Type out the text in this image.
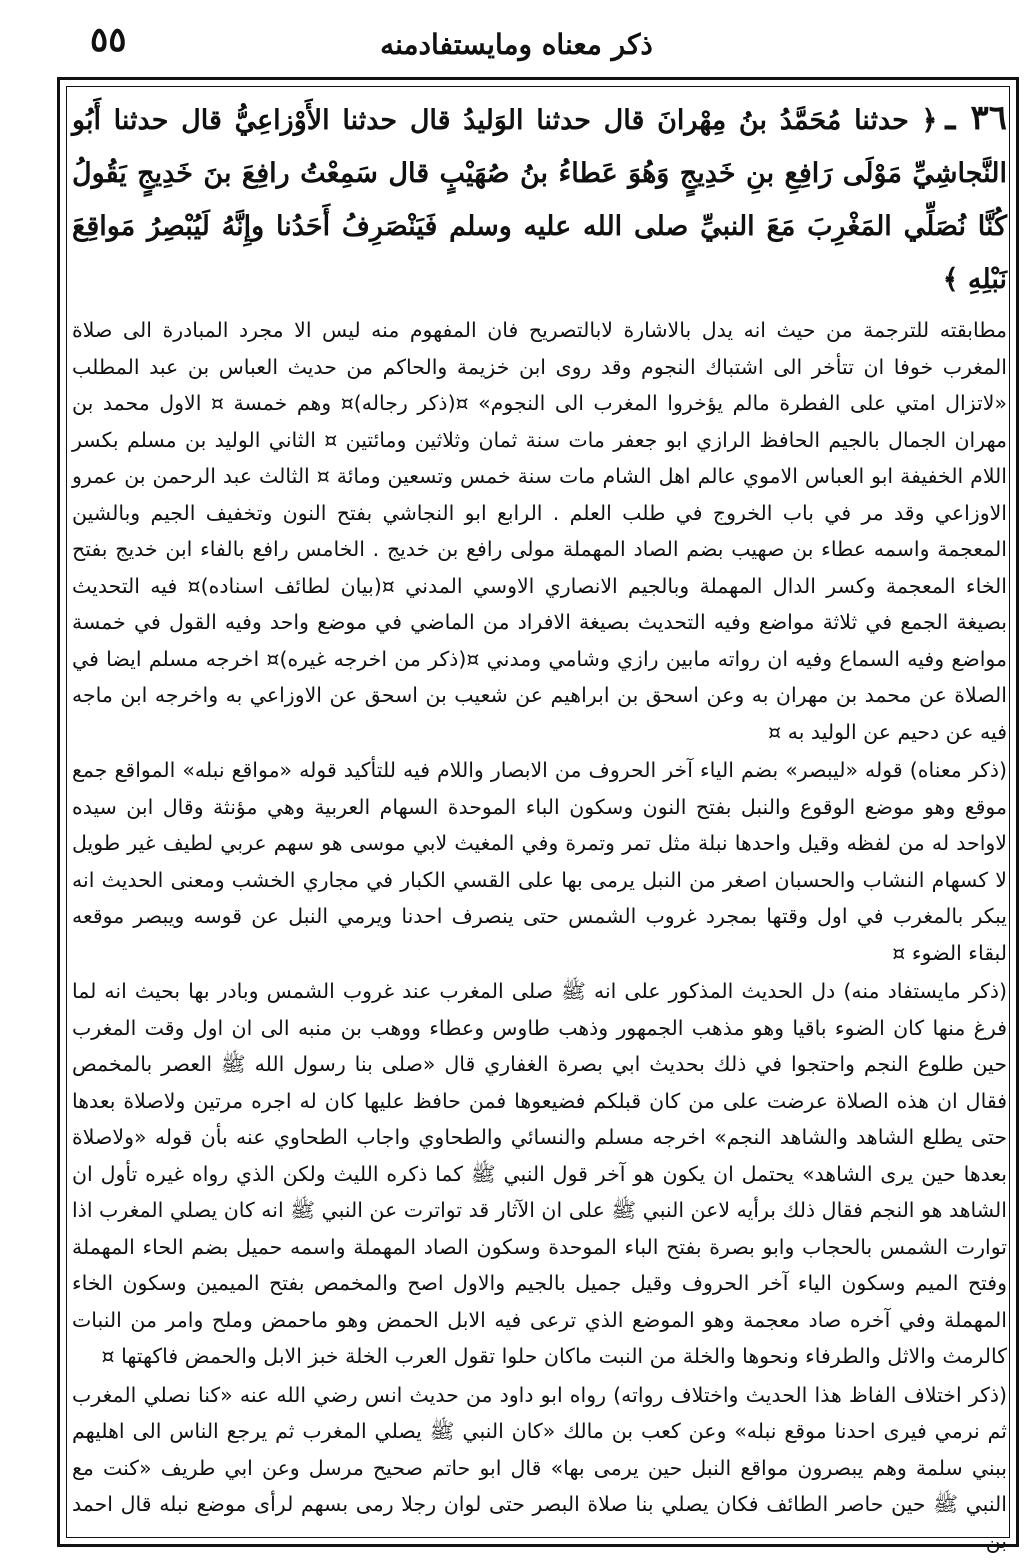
ذكر معناه ومايستفادمنه
٥٥
٣٦ ـ﴿ حدثنا مُحَمَّدُ بنُ مِهْرانَ قال حدثنا الوَليدُ قال حدثنا الأَوْزاعِيُّ قال حدثنا أَبُو النَّجاشِيِّ مَوْلَى رَافِعِ بنِ خَدِيجٍ وَهُوَ عَطاءُ بنُ صُهَيْبٍ قال سَمِعْتُ رافِعَ بنَ خَدِيجٍ يَقُولُ كُنَّا نُصَلِّي المَغْرِبَ مَعَ النبيِّ صلى الله عليه وسلم فَيَنْصَرِفُ أَحَدُنا وإِنَّهُ لَيُبْصِرُ مَواقِعَ نَبْلِهِ ﴾

مطابقته للترجمة من حيث انه يدل بالاشارة لابالتصريح فان المفهوم منه ليس الا مجرد المبادرة الى صلاة المغرب خوفا ان تتأخر الى اشتباك النجوم وقد روى ابن خزيمة والحاكم من حديث العباس بن عبد المطلب «لاتزال امتي على الفطرة مالم يؤخروا المغرب الى النجوم» ¤(ذكر رجاله)¤ وهم خمسة ¤ الاول محمد بن مهران الجمال بالجيم الحافظ الرازي ابو جعفر مات سنة ثمان وثلاثين ومائتين ¤ الثاني الوليد بن مسلم بكسر اللام الخفيفة ابو العباس الاموي عالم اهل الشام مات سنة خمس وتسعين ومائة ¤ الثالث عبد الرحمن بن عمرو الاوزاعي وقد مر في باب الخروج في طلب العلم . الرابع ابو النجاشي بفتح النون وتخفيف الجيم وبالشين المعجمة واسمه عطاء بن صهيب بضم الصاد المهملة مولى رافع بن خديج . الخامس رافع بالفاء ابن خديج بفتح الخاء المعجمة وكسر الدال المهملة وبالجيم الانصاري الاوسي المدني ¤(بيان لطائف اسناده)¤ فيه التحديث بصيغة الجمع في ثلاثة مواضع وفيه التحديث بصيغة الافراد من الماضي في موضع واحد وفيه القول في خمسة مواضع وفيه السماع وفيه ان رواته مابين رازي وشامي ومدني ¤(ذكر من اخرجه غيره)¤ اخرجه مسلم ايضا في الصلاة عن محمد بن مهران به وعن اسحق بن ابراهيم عن شعيب بن اسحق عن الاوزاعي به واخرجه ابن ماجه فيه عن دحيم عن الوليد به ¤

(ذكر معناه) قوله «ليبصر» بضم الياء آخر الحروف من الابصار واللام فيه للتأكيد قوله «مواقع نبله» المواقع جمع موقع وهو موضع الوقوع والنبل بفتح النون وسكون الباء الموحدة السهام العربية وهي مؤنثة وقال ابن سيده لاواحد له من لفظه وقيل واحدها نبلة مثل تمر وتمرة وفي المغيث لابي موسى هو سهم عربي لطيف غير طويل لا كسهام النشاب والحسبان اصغر من النبل يرمى بها على القسي الكبار في مجاري الخشب ومعنى الحديث انه يبكر بالمغرب في اول وقتها بمجرد غروب الشمس حتى ينصرف احدنا ويرمي النبل عن قوسه ويبصر موقعه لبقاء الضوء ¤

(ذكر مايستفاد منه) دل الحديث المذكور على انه ﷺ صلى المغرب عند غروب الشمس وبادر بها بحيث انه لما فرغ منها كان الضوء باقيا وهو مذهب الجمهور وذهب طاوس وعطاء ووهب بن منبه الى ان اول وقت المغرب حين طلوع النجم واحتجوا في ذلك بحديث ابي بصرة الغفاري قال «صلى بنا رسول الله ﷺ العصر بالمخمص فقال ان هذه الصلاة عرضت على من كان قبلكم فضيعوها فمن حافظ عليها كان له اجره مرتين ولاصلاة بعدها حتى يطلع الشاهد والشاهد النجم» اخرجه مسلم والنسائي والطحاوي واجاب الطحاوي عنه بأن قوله «ولاصلاة بعدها حين يرى الشاهد» يحتمل ان يكون هو آخر قول النبي ﷺ كما ذكره الليث ولكن الذي رواه غيره تأول ان الشاهد هو النجم فقال ذلك برأيه لاعن النبي ﷺ على ان الآثار قد تواترت عن النبي ﷺ انه كان يصلي المغرب اذا توارت الشمس بالحجاب وابو بصرة بفتح الباء الموحدة وسكون الصاد المهملة واسمه حميل بضم الحاء المهملة وفتح الميم وسكون الياء آخر الحروف وقيل جميل بالجيم والاول اصح والمخمص بفتح الميمين وسكون الخاء المهملة وفي آخره صاد معجمة وهو الموضع الذي ترعى فيه الابل الحمض وهو ماحمض وملح وامر من النبات كالرمث والاثل والطرفاء ونحوها والخلة من النبت ماكان حلوا تقول العرب الخلة خبز الابل والحمض فاكهتها ¤

(ذكر اختلاف الفاظ هذا الحديث واختلاف رواته) رواه ابو داود من حديث انس رضي الله عنه «كنا نصلي المغرب ثم نرمي فيرى احدنا موقع نبله» وعن كعب بن مالك «كان النبي ﷺ يصلي المغرب ثم يرجع الناس الى اهليهم ببني سلمة وهم يبصرون مواقع النبل حين يرمى بها» قال ابو حاتم صحيح مرسل وعن ابي طريف «كنت مع النبي ﷺ حين حاصر الطائف فكان يصلي بنا صلاة البصر حتى لوان رجلا رمى بسهم لرأى موضع نبله قال احمد بن
